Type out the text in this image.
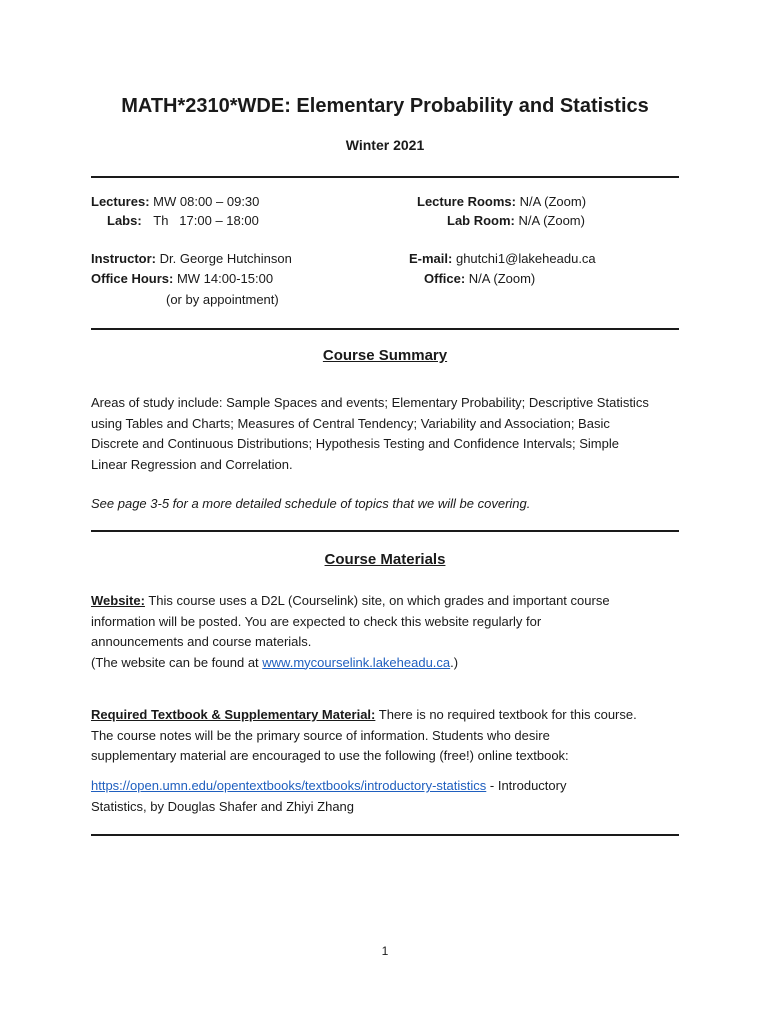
MATH*2310*WDE: Elementary Probability and Statistics
Winter 2021
Lectures: MW 08:00 – 09:30
Labs: Th   17:00 – 18:00
Lecture Rooms: N/A (Zoom)
Lab Room: N/A (Zoom)
Instructor: Dr. George Hutchinson
Office Hours: MW 14:00-15:00
(or by appointment)
E-mail: ghutchi1@lakeheadu.ca
Office: N/A (Zoom)
Course Summary
Areas of study include: Sample Spaces and events; Elementary Probability; Descriptive Statistics
using Tables and Charts; Measures of Central Tendency; Variability and Association; Basic
Discrete and Continuous Distributions; Hypothesis Testing and Confidence Intervals; Simple
Linear Regression and Correlation.
See page 3-5 for a more detailed schedule of topics that we will be covering.
Course Materials
Website: This course uses a D2L (Courselink) site, on which grades and important course
information will be posted. You are expected to check this website regularly for
announcements and course materials.
(The website can be found at www.mycourselink.lakeheadu.ca.)
Required Textbook & Supplementary Material: There is no required textbook for this course.
The course notes will be the primary source of information. Students who desire
supplementary material are encouraged to use the following (free!) online textbook:
https://open.umn.edu/opentextbooks/textbooks/introductory-statistics - Introductory
Statistics, by Douglas Shafer and Zhiyi Zhang
1
